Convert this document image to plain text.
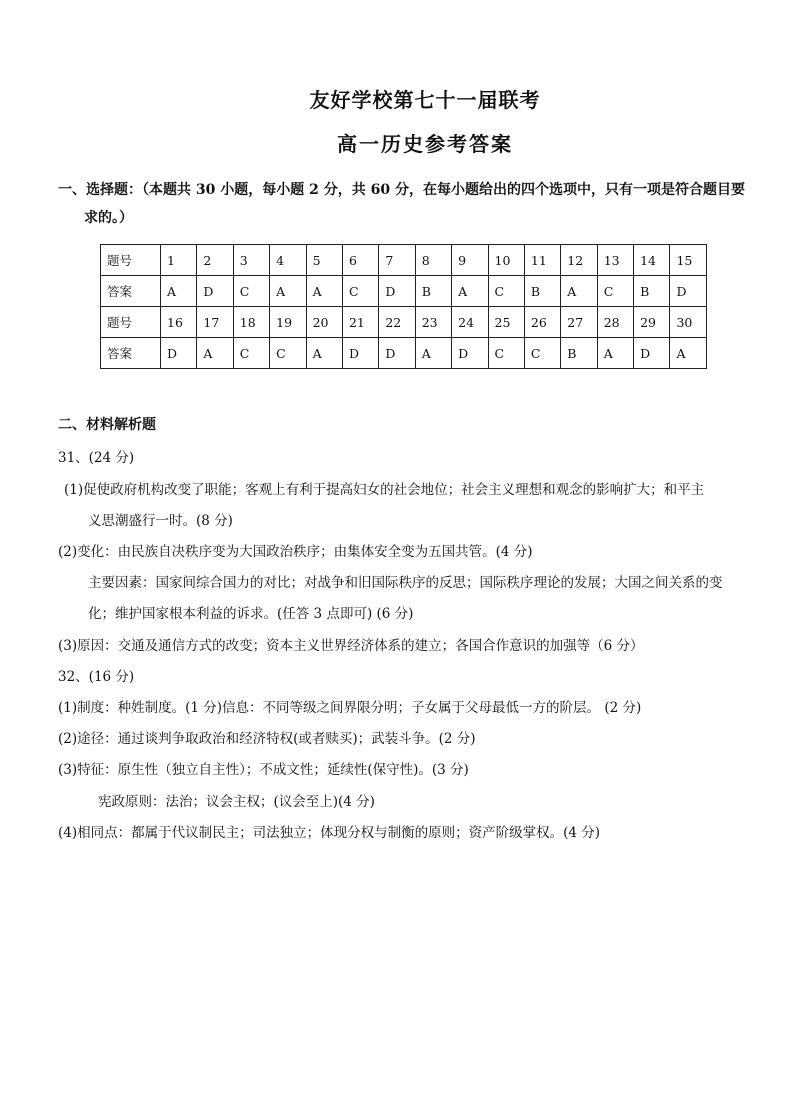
友好学校第七十一届联考
高一历史参考答案
一、选择题：（本题共 30 小题，每小题 2 分，共 60 分，在每小题给出的四个选项中，只有一项是符合题目要
求的。）
题号	1	2	3	4	5	6	7	8	9	10	11	12	13	14	15
答案	A	D	C	A	A	C	D	B	A	C	B	A	C	B	D
题号	16	17	18	19	20	21	22	23	24	25	26	27	28	29	30
答案	D	A	C	C	A	D	D	A	D	C	C	B	A	D	A
二、材料解析题
31、(24 分)
(1)促使政府机构改变了职能；客观上有利于提高妇女的社会地位；社会主义理想和观念的影响扩大；和平主
义思潮盛行一时。(8 分)
(2)变化：由民族自决秩序变为大国政治秩序；由集体安全变为五国共管。(4 分)
主要因素：国家间综合国力的对比；对战争和旧国际秩序的反思；国际秩序理论的发展；大国之间关系的变
化；维护国家根本利益的诉求。(任答 3 点即可) (6 分)
(3)原因：交通及通信方式的改变；资本主义世界经济体系的建立；各国合作意识的加强等（6 分）
32、(16 分)
(1)制度：种姓制度。(1 分)信息：不同等级之间界限分明；子女属于父母最低一方的阶层。 (2 分)
(2)途径：通过谈判争取政治和经济特权(或者赎买)；武装斗争。(2 分)
(3)特征：原生性（独立自主性）；不成文性；延续性(保守性)。(3 分)
宪政原则：法治；议会主权；(议会至上)(4 分)
(4)相同点：都属于代议制民主；司法独立；体现分权与制衡的原则；资产阶级掌权。(4 分)
